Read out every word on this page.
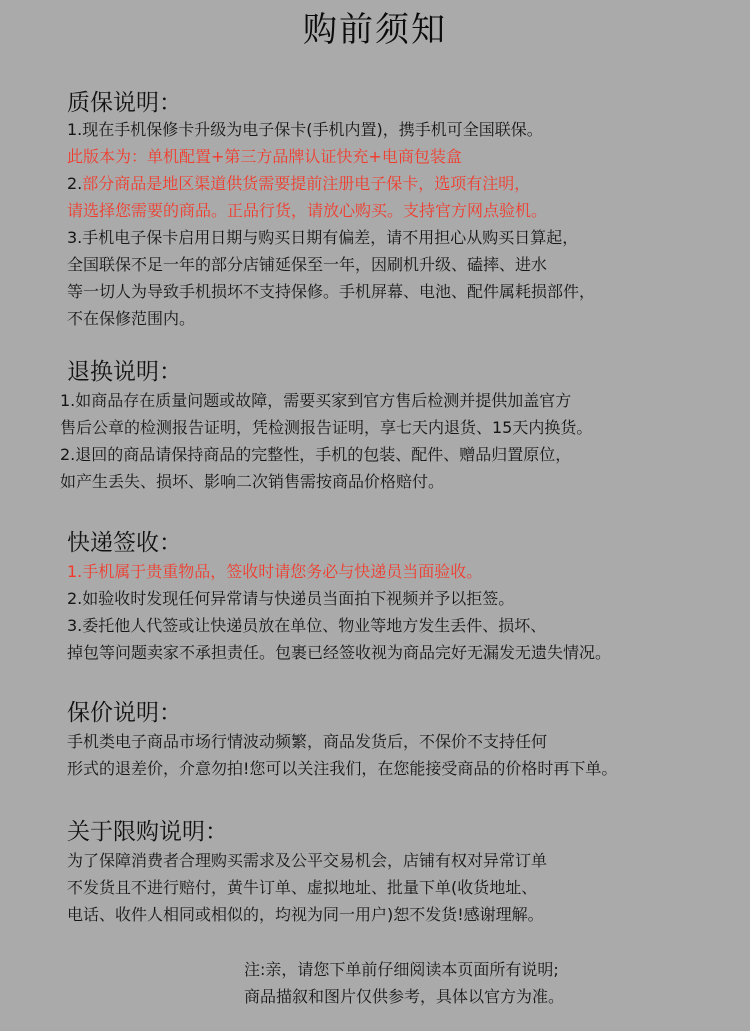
购前须知
质保说明：
1.现在手机保修卡升级为电子保卡(手机内置)，携手机可全国联保。
此版本为：单机配置+第三方品牌认证快充+电商包装盒
2.部分商品是地区渠道供货需要提前注册电子保卡，选项有注明，
请选择您需要的商品。正品行货，请放心购买。支持官方网点验机。
3.手机电子保卡启用日期与购买日期有偏差，请不用担心从购买日算起，
全国联保不足一年的部分店铺延保至一年，因刷机升级、磕摔、进水
等一切人为导致手机损坏不支持保修。手机屏幕、电池、配件属耗损部件，
不在保修范围内。
退换说明：
1.如商品存在质量问题或故障，需要买家到官方售后检测并提供加盖官方
售后公章的检测报告证明，凭检测报告证明，享七天内退货、15天内换货。
2.退回的商品请保持商品的完整性，手机的包装、配件、赠品归置原位，
如产生丢失、损坏、影响二次销售需按商品价格赔付。
快递签收：
1.手机属于贵重物品，签收时请您务必与快递员当面验收。
2.如验收时发现任何异常请与快递员当面拍下视频并予以拒签。
3.委托他人代签或让快递员放在单位、物业等地方发生丢件、损坏、
掉包等问题卖家不承担责任。包裹已经签收视为商品完好无漏发无遗失情况。
保价说明：
手机类电子商品市场行情波动频繁，商品发货后，不保价不支持任何
形式的退差价，介意勿拍!您可以关注我们，在您能接受商品的价格时再下单。
关于限购说明：
为了保障消费者合理购买需求及公平交易机会，店铺有权对异常订单
不发货且不进行赔付，黄牛订单、虚拟地址、批量下单(收货地址、
电话、收件人相同或相似的，均视为同一用户)恕不发货!感谢理解。
注:亲，请您下单前仔细阅读本页面所有说明;
商品描叙和图片仅供参考，具体以官方为准。
